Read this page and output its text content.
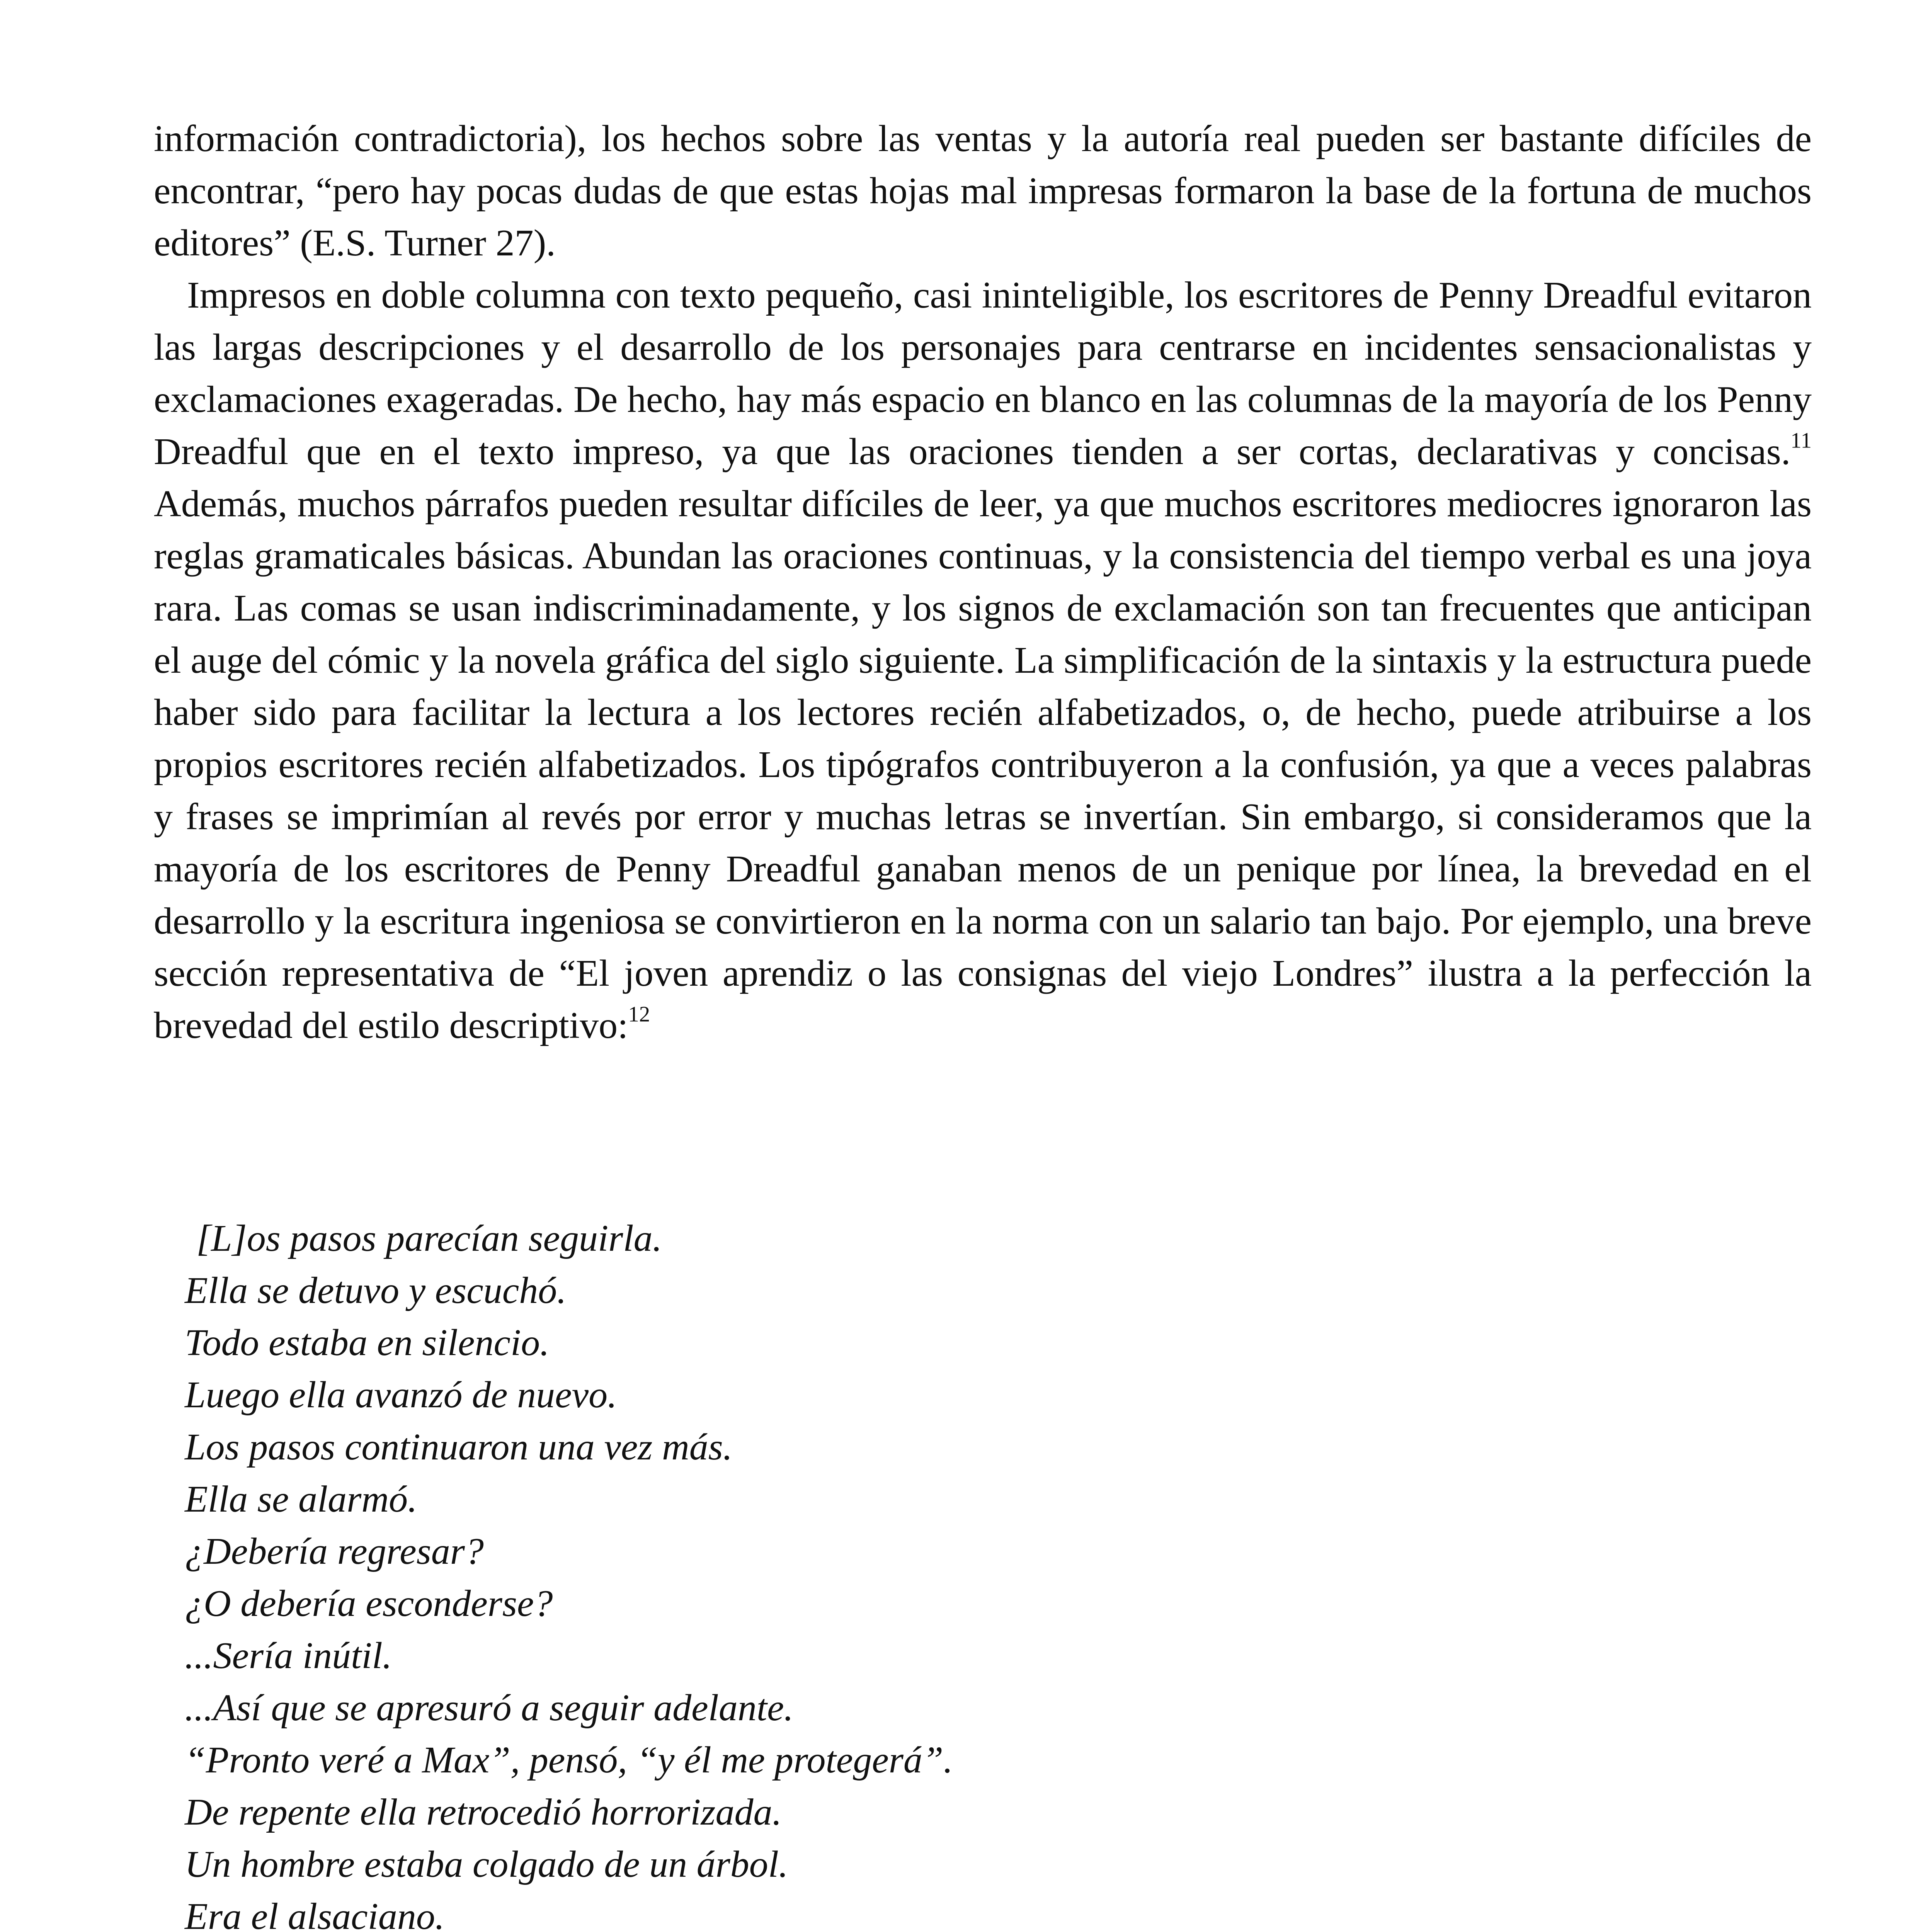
información contradictoria), los hechos sobre las ventas y la autoría real pueden ser bastante difíciles de encontrar, “pero hay pocas dudas de que estas hojas mal impresas formaron la base de la fortuna de muchos editores” (E.S. Turner 27).

Impresos en doble columna con texto pequeño, casi ininteligible, los escritores de Penny Dreadful evitaron las largas descripciones y el desarrollo de los personajes para centrarse en incidentes sensacionalistas y exclamaciones exageradas. De hecho, hay más espacio en blanco en las columnas de la mayoría de los Penny Dreadful que en el texto impreso, ya que las oraciones tienden a ser cortas, declarativas y concisas.$^{11}$ Además, muchos párrafos pueden resultar difíciles de leer, ya que muchos escritores mediocres ignoraron las reglas gramaticales básicas. Abundan las oraciones continuas, y la consistencia del tiempo verbal es una joya rara. Las comas se usan indiscriminadamente, y los signos de exclamación son tan frecuentes que anticipan el auge del cómic y la novela gráfica del siglo siguiente. La simplificación de la sintaxis y la estructura puede haber sido para facilitar la lectura a los lectores recién alfabetizados, o, de hecho, puede atribuirse a los propios escritores recién alfabetizados. Los tipógrafos contribuyeron a la confusión, ya que a veces palabras y frases se imprimían al revés por error y muchas letras se invertían. Sin embargo, si consideramos que la mayoría de los escritores de Penny Dreadful ganaban menos de un penique por línea, la brevedad en el desarrollo y la escritura ingeniosa se convirtieron en la norma con un salario tan bajo. Por ejemplo, una breve sección representativa de “El joven aprendiz o las consignas del viejo Londres” ilustra a la perfección la brevedad del estilo descriptivo:$^{12}$

[L]os pasos parecían seguirla.
Ella se detuvo y escuchó.
Todo estaba en silencio.
Luego ella avanzó de nuevo.
Los pasos continuaron una vez más.
Ella se alarmó.
¿Debería regresar?
¿O debería esconderse?
...Sería inútil.
...Así que se apresuró a seguir adelante.
“Pronto veré a Max”, pensó, “y él me protegerá”.
De repente ella retrocedió horrorizada.
Un hombre estaba colgado de un árbol.
Era el alsaciano.
